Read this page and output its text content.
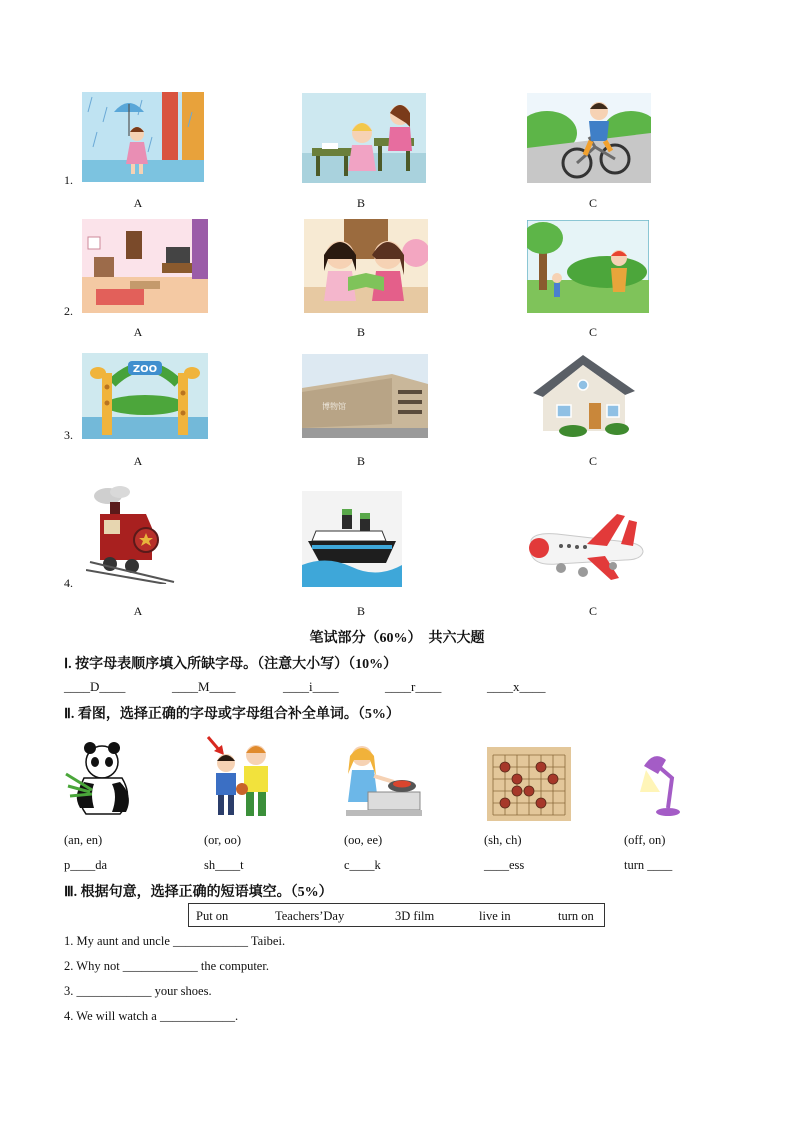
1.
A	B	C
2.
A	B	C
3.
ZOO
博物馆
A	B	C
4.
A	B	C
笔试部分（60%）　共六大题
Ⅰ. 按字母表顺序填入所缺字母。（注意大小写）（10%）
____D____	____M____	____i____	____r____	____x____
Ⅱ. 看图，选择正确的字母或字母组合补全单词。（5%）
(an, en)	(or, oo)	(oo, ee)	(sh, ch)	(off, on)
p____da	sh____t	c____k	____ess	turn ____
Ⅲ. 根据句意，选择正确的短语填空。（5%）
Put on	Teachers’Day	3D film	live in	turn on
1. My aunt and uncle ____________ Taibei.
2. Why not ____________ the computer.
3. ____________ your shoes.
4. We will watch a ____________.
